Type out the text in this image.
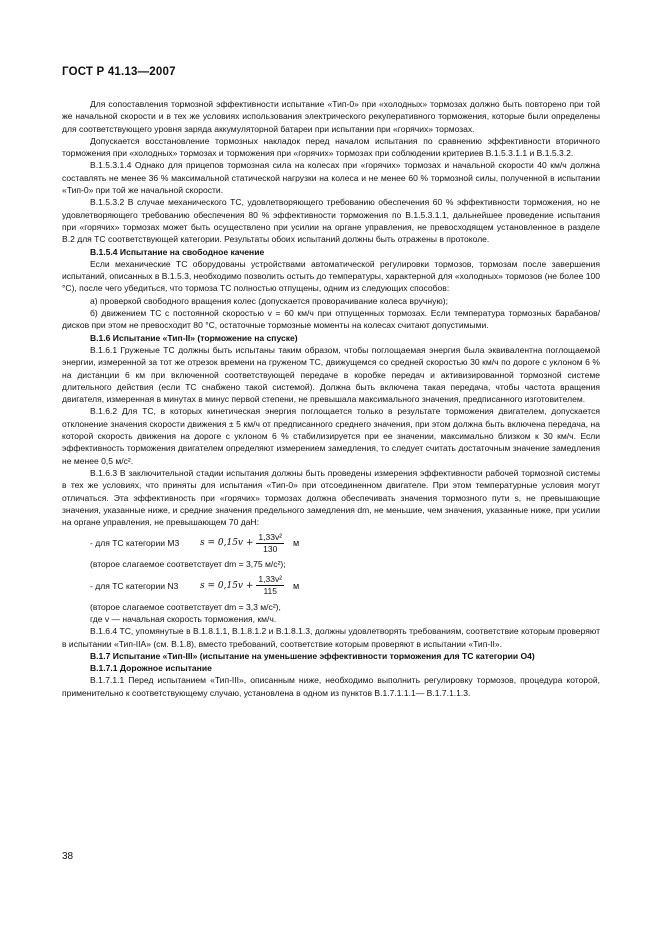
ГОСТ Р 41.13—2007

Для сопоставления тормозной эффективности испытание «Тип-0» при «холодных» тормозах должно быть повторено при той же начальной скорости и в тех же условиях использования электрического рекуперативного торможения, которые были определены для соответствующего уровня заряда аккумуляторной батареи при испытании при «горячих» тормозах.

Допускается восстановление тормозных накладок перед началом испытания по сравнению эффективности вторичного торможения при «холодных» тормозах и торможения при «горячих» тормозах при соблюдении критериев В.1.5.3.1.1 и В.1.5.3.2.

В.1.5.3.1.4 Однако для прицепов тормозная сила на колесах при «горячих» тормозах и начальной скорости 40 км/ч должна составлять не менее 36 % максимальной статической нагрузки на колеса и не менее 60 % тормозной силы, полученной в испытании «Тип-0» при той же начальной скорости.

В.1.5.3.2 В случае механического ТС, удовлетворяющего требованию обеспечения 60 % эффективности торможения, но не удовлетворяющего требованию обеспечения 80 % эффективности торможения по В.1.5.3.1.1, дальнейшее проведение испытания при «горячих» тормозах может быть осуществлено при усилии на органе управления, не превосходящем установленное в разделе В.2 для ТС соответствующей категории. Результаты обоих испытаний должны быть отражены в протоколе.

В.1.5.4 Испытание на свободное качение

Если механические ТС оборудованы устройствами автоматической регулировки тормозов, тормозам после завершения испытаний, описанных в В.1.5.3, необходимо позволить остыть до температуры, характерной для «холодных» тормозов (не более 100 °С), после чего убедиться, что тормоза ТС полностью отпущены, одним из следующих способов:

а) проверкой свободного вращения колес (допускается проворачивание колеса вручную);

б) движением ТС с постоянной скоростью v = 60 км/ч при отпущенных тормозах. Если температура тормозных барабанов/дисков при этом не превосходит 80 °С, остаточные тормозные моменты на колесах считают допустимыми.

В.1.6 Испытание «Тип-II» (торможение на спуске)

В.1.6.1 Груженые ТС должны быть испытаны таким образом, чтобы поглощаемая энергия была эквивалентна поглощаемой энергии, измеренной за тот же отрезок времени на груженом ТС, движущемся со средней скоростью 30 км/ч по дороге с уклоном 6 % на дистанции 6 км при включенной соответствующей передаче в коробке передач и активизированной тормозной системе длительного действия (если ТС снабжено такой системой). Должна быть включена такая передача, чтобы частота вращения двигателя, измеренная в минутах в минус первой степени, не превышала максимального значения, предписанного изготовителем.

В.1.6.2 Для ТС, в которых кинетическая энергия поглощается только в результате торможения двигателем, допускается отклонение значения скорости движения ± 5 км/ч от предписанного среднего значения, при этом должна быть включена передача, на которой скорость движения на дороге с уклоном 6 % стабилизируется при ее значении, максимально близком к 30 км/ч. Если эффективность торможения двигателем определяют измерением замедления, то следует считать достаточным значение замедления не менее 0,5 м/с².

В.1.6.3 В заключительной стадии испытания должны быть проведены измерения эффективности рабочей тормозной системы в тех же условиях, что приняты для испытания «Тип-0» при отсоединенном двигателе. При этом температурные условия могут отличаться. Эта эффективность при «горячих» тормозах должна обеспечивать значения тормозного пути s, не превышающие значения, указанные ниже, и средние значения предельного замедления dm, не меньшие, чем значения, указанные ниже, при усилии на органе управления, не превышающем 70 даН:

- для ТС категории М3	$s = 0,15v + \frac{\text{1,33v²}}{130}$ м

(второе слагаемое соответствует dm = 3,75 м/с²);

- для ТС категории N3	$s = 0,15v + \frac{\text{1,33v²}}{115}$ м

(второе слагаемое соответствует dm = 3,3 м/с²),

где v — начальная скорость торможения, км/ч.

В.1.6.4 ТС, упомянутые в В.1.8.1.1, В.1.8.1.2 и В.1.8.1.3, должны удовлетворять требованиям, соответствие которым проверяют в испытании «Тип-IIА» (см. В.1.8), вместо требований, соответствие которым проверяют в испытании «Тип-II».

В.1.7 Испытание «Тип-III» (испытание на уменьшение эффективности торможения для ТС категории О4)

В.1.7.1 Дорожное испытание

В.1.7.1.1 Перед испытанием «Тип-III», описанным ниже, необходимо выполнить регулировку тормозов, процедура которой, применительно к соответствующему случаю, установлена в одном из пунктов В.1.7.1.1.1— В.1.7.1.1.3.

38
